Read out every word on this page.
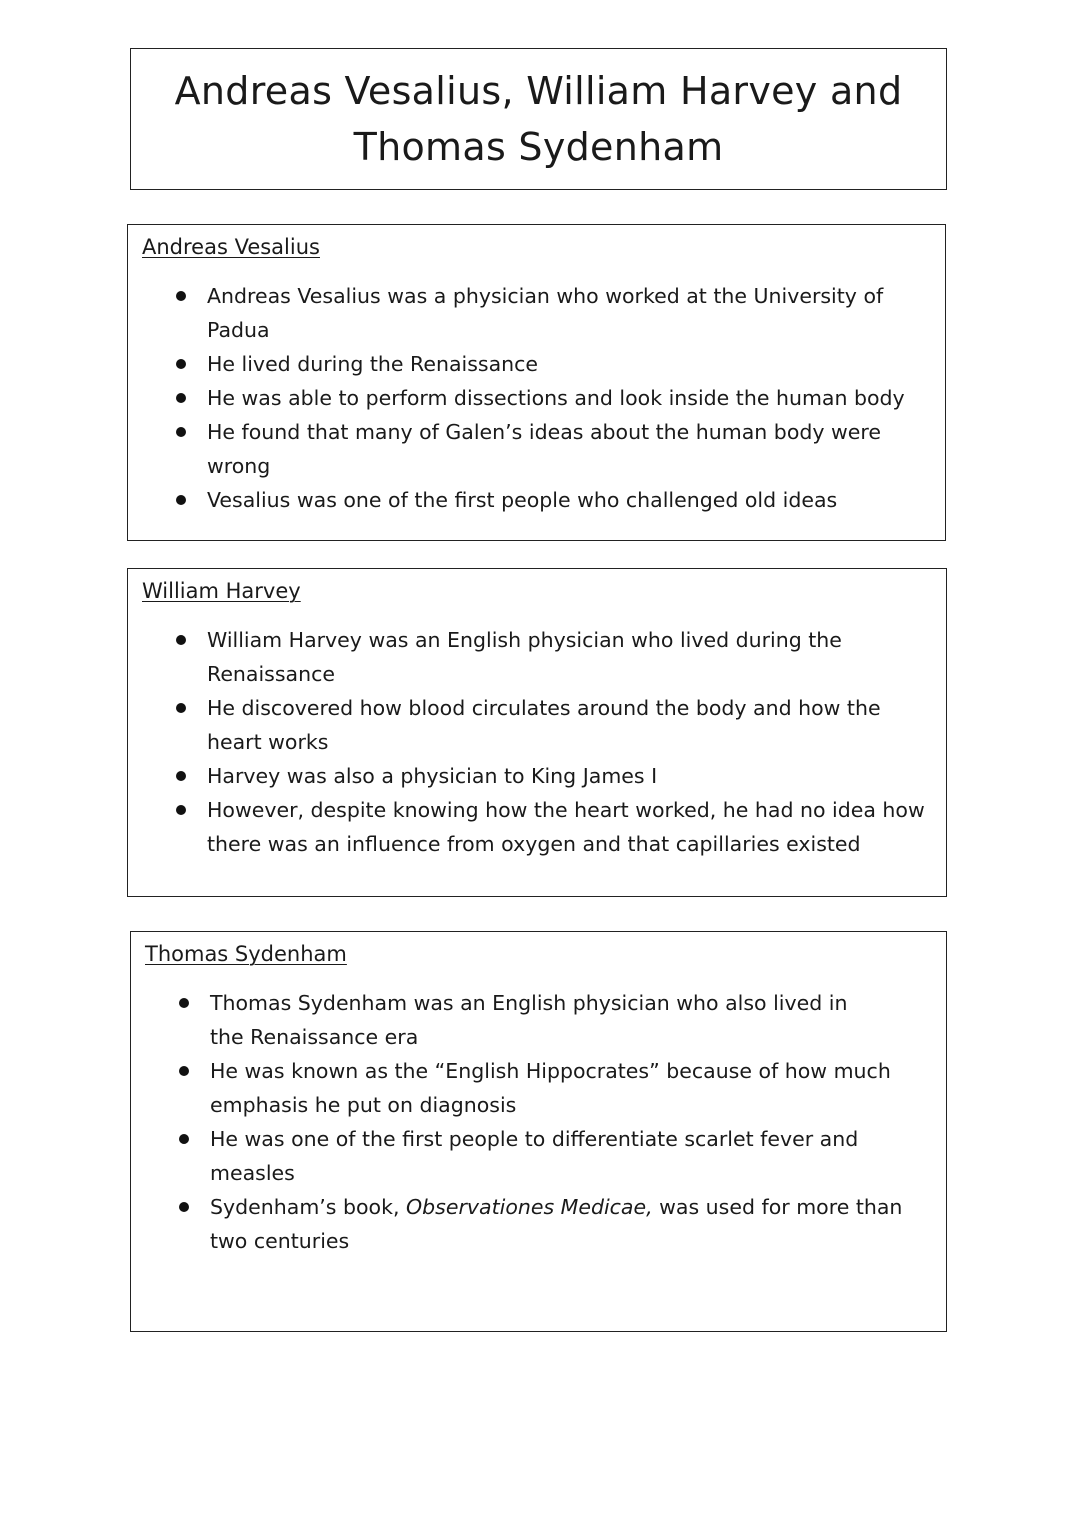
Andreas Vesalius, William Harvey and
Thomas Sydenham
Andreas Vesalius
Andreas Vesalius was a physician who worked at the University of Padua
He lived during the Renaissance
He was able to perform dissections and look inside the human body
He found that many of Galen’s ideas about the human body were wrong
Vesalius was one of the first people who challenged old ideas
William Harvey
William Harvey was an English physician who lived during the Renaissance
He discovered how blood circulates around the body and how the heart works
Harvey was also a physician to King James I
However, despite knowing how the heart worked, he had no idea how there was an influence from oxygen and that capillaries existed
Thomas Sydenham
Thomas Sydenham was an English physician who also lived in the Renaissance era
He was known as the “English Hippocrates” because of how much emphasis he put on diagnosis
He was one of the first people to differentiate scarlet fever and measles
Sydenham’s book, Observationes Medicae, was used for more than two centuries
